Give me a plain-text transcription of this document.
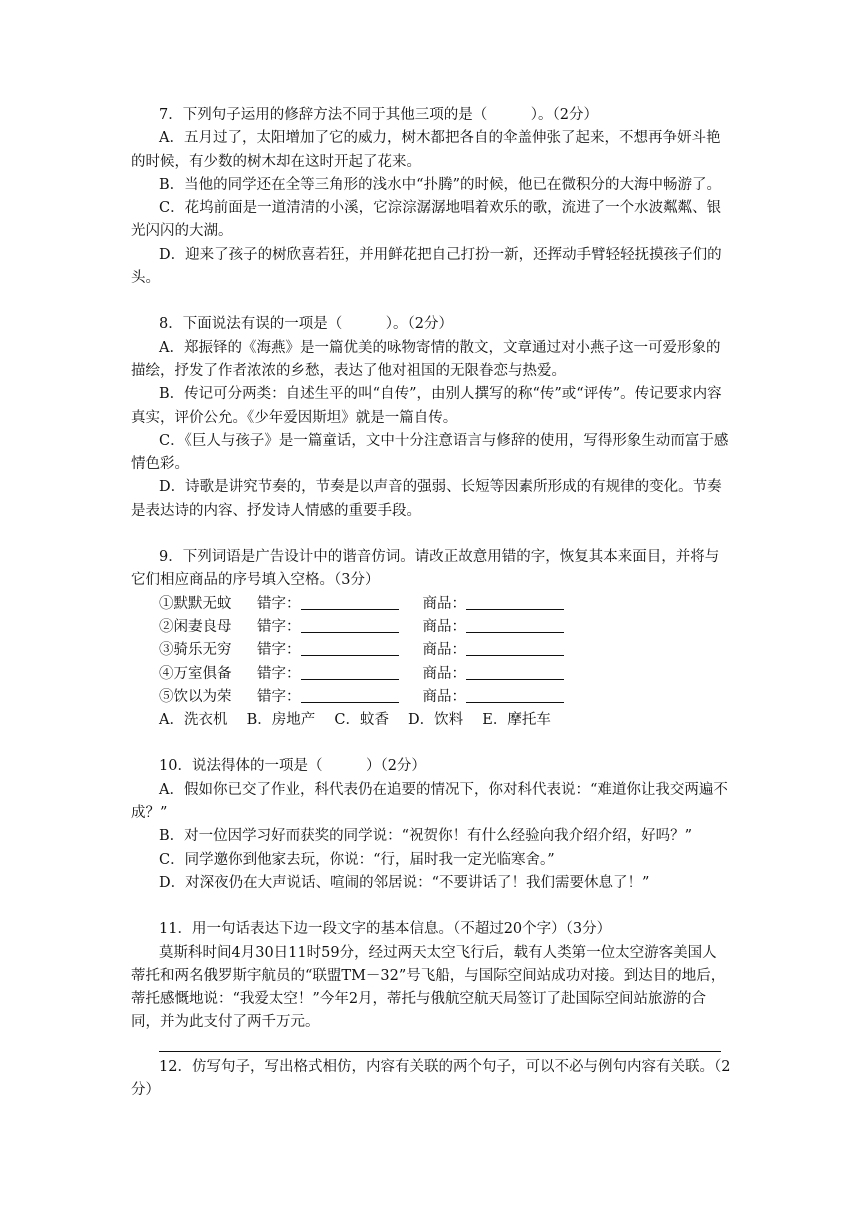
7．下列句子运用的修辞方法不同于其他三项的是（　　　）。（2分）

A．五月过了，太阳增加了它的威力，树木都把各自的伞盖伸张了起来，不想再争妍斗艳的时候，有少数的树木却在这时开起了花来。

B．当他的同学还在全等三角形的浅水中“扑腾”的时候，他已在微积分的大海中畅游了。

C．花坞前面是一道清清的小溪，它淙淙潺潺地唱着欢乐的歌，流进了一个水波粼粼、银光闪闪的大湖。

D．迎来了孩子的树欣喜若狂，并用鲜花把自己打扮一新，还挥动手臂轻轻抚摸孩子们的头。

8．下面说法有误的一项是（　　　）。（2分）

A．郑振铎的《海燕》是一篇优美的咏物寄情的散文，文章通过对小燕子这一可爱形象的描绘，抒发了作者浓浓的乡愁，表达了他对祖国的无限眷恋与热爱。

B．传记可分两类：自述生平的叫“自传”，由别人撰写的称“传”或“评传”。传记要求内容真实，评价公允。《少年爱因斯坦》就是一篇自传。

C．《巨人与孩子》是一篇童话，文中十分注意语言与修辞的使用，写得形象生动而富于感情色彩。

D．诗歌是讲究节奏的，节奏是以声音的强弱、长短等因素所形成的有规律的变化。节奏是表达诗的内容、抒发诗人情感的重要手段。

9．下列词语是广告设计中的谐音仿词。请改正故意用错的字，恢复其本来面目，并将与它们相应商品的序号填入空格。（3分）

①默默无蚊 错字：	商品：
②闲妻良母 错字：	商品：
③骑乐无穷 错字：	商品：
④万室俱备 错字：	商品：
⑤饮以为荣 错字：	商品：

A．洗衣机　 B．房地产　 C．蚊香　 D．饮料　 E．摩托车

10．说法得体的一项是（　　　）（2分）

A．假如你已交了作业，科代表仍在追要的情况下，你对科代表说：“难道你让我交两遍不成？”

B．对一位因学习好而获奖的同学说：“祝贺你！有什么经验向我介绍介绍，好吗？”

C．同学邀你到他家去玩，你说：“行，届时我一定光临寒舍。”

D．对深夜仍在大声说话、喧闹的邻居说：“不要讲话了！我们需要休息了！”

11．用一句话表达下边一段文字的基本信息。（不超过20个字）（3分）

莫斯科时间4月30日11时59分，经过两天太空飞行后，载有人类第一位太空游客美国人蒂托和两名俄罗斯宇航员的“联盟TM－32”号飞船，与国际空间站成功对接。到达目的地后，蒂托感慨地说：“我爱太空！”今年2月，蒂托与俄航空航天局签订了赴国际空间站旅游的合同，并为此支付了两千万元。

12．仿写句子，写出格式相仿，内容有关联的两个句子，可以不必与例句内容有关联。（2分）
